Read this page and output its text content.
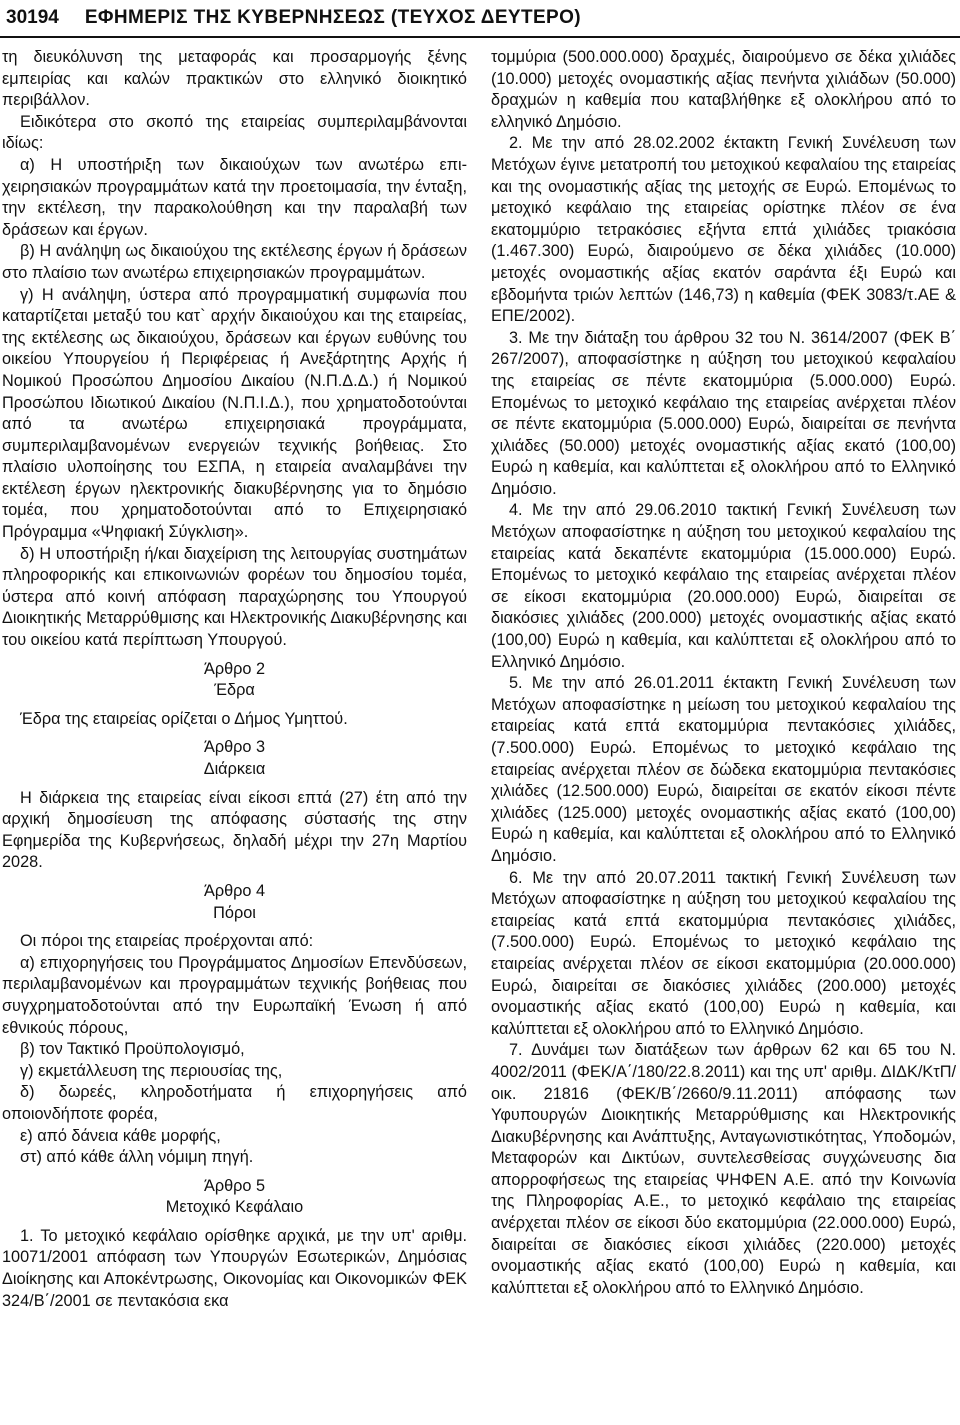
30194 ΕΦΗΜΕΡΙΣ ΤΗΣ ΚΥΒΕΡΝΗΣΕΩΣ (ΤΕΥΧΟΣ ΔΕΥΤΕΡΟ)

τη διευκόλυνση της μεταφοράς και προσαρμογής ξένης εμπειρίας και καλών πρακτικών στο ελληνικό διοικητικό περιβάλλον.

Ειδικότερα στο σκοπό της εταιρείας συμπεριλαμβάνονται ιδίως:

α) Η υποστήριξη των δικαιούχων των ανωτέρω επιχειρησιακών προγραμμάτων κατά την προετοιμασία, την ένταξη, την εκτέλεση, την παρακολούθηση και την παραλαβή των δράσεων και έργων.

β) Η ανάληψη ως δικαιούχου της εκτέλεσης έργων ή δράσεων στο πλαίσιο των ανωτέρω επιχειρησιακών προγραμμάτων.

γ) Η ανάληψη, ύστερα από προγραμματική συμφωνία που καταρτίζεται μεταξύ του κατ` αρχήν δικαιούχου και της εταιρείας, της εκτέλεσης ως δικαιούχου, δράσεων και έργων ευθύνης του οικείου Υπουργείου ή Περιφέρειας ή Ανεξάρτητης Αρχής ή Νομικού Προσώπου Δημοσίου Δικαίου (Ν.Π.Δ.Δ.) ή Νομικού Προσώπου Ιδιωτικού Δικαίου (Ν.Π.Ι.Δ.), που χρηματοδοτούνται από τα ανωτέρω επιχειρησιακά προγράμματα, συμπεριλαμβανομένων ενεργειών τεχνικής βοήθειας. Στο πλαίσιο υλοποίησης του ΕΣΠΑ, η εταιρεία αναλαμβάνει την εκτέλεση έργων ηλεκτρονικής διακυβέρνησης για το δημόσιο τομέα, που χρηματοδοτούνται από το Επιχειρησιακό Πρόγραμμα «Ψηφιακή Σύγκλιση».

δ) Η υποστήριξη ή/και διαχείριση της λειτουργίας συστημάτων πληροφορικής και επικοινωνιών φορέων του δημοσίου τομέα, ύστερα από κοινή απόφαση παραχώρησης του Υπουργού Διοικητικής Μεταρρύθμισης και Ηλεκτρονικής Διακυβέρνησης και του οικείου κατά περίπτωση Υπουργού.

Άρθρο 2

Έδρα

Έδρα της εταιρείας ορίζεται ο Δήμος Υμηττού.

Άρθρο 3

Διάρκεια

Η διάρκεια της εταιρείας είναι είκοσι επτά (27) έτη από την αρχική δημοσίευση της απόφασης σύστασής της στην Εφημερίδα της Κυβερνήσεως, δηλαδή μέχρι την 27η Μαρτίου 2028.

Άρθρο 4

Πόροι

Οι πόροι της εταιρείας προέρχονται από:

α) επιχορηγήσεις του Προγράμματος Δημοσίων Επενδύσεων, περιλαμβανομένων και προγραμμάτων τεχνικής βοήθειας που συγχρηματοδοτούνται από την Ευρωπαϊκή Ένωση ή από εθνικούς πόρους,

β) τον Τακτικό Προϋπολογισμό,

γ) εκμετάλλευση της περιουσίας της,

δ) δωρεές, κληροδοτήματα ή επιχορηγήσεις από οποιονδήποτε φορέα,

ε) από δάνεια κάθε μορφής,

στ) από κάθε άλλη νόμιμη πηγή.

Άρθρο 5

Μετοχικό Κεφάλαιο

1. Το μετοχικό κεφάλαιο ορίσθηκε αρχικά, με την υπ' αριθμ. 10071/2001 απόφαση των Υπουργών Εσωτερικών, Δημόσιας Διοίκησης και Αποκέντρωσης, Οικονομίας και Οικονομικών ΦΕΚ 324/Β΄/2001 σε πεντακόσια εκα

τομμύρια (500.000.000) δραχμές, διαιρούμενο σε δέκα χιλιάδες (10.000) μετοχές ονομαστικής αξίας πενήντα χιλιάδων (50.000) δραχμών η καθεμία που καταβλήθηκε εξ ολοκλήρου από το ελληνικό Δημόσιο.

2. Με την από 28.02.2002 έκτακτη Γενική Συνέλευση των Μετόχων έγινε μετατροπή του μετοχικού κεφαλαίου της εταιρείας και της ονομαστικής αξίας της μετοχής σε Ευρώ. Επομένως το μετοχικό κεφάλαιο της εταιρείας ορίστηκε πλέον σε ένα εκατομμύριο τετρακόσιες εξήντα επτά χιλιάδες τριακόσια (1.467.300) Ευρώ, διαιρούμενο σε δέκα χιλιάδες (10.000) μετοχές ονομαστικής αξίας εκατόν σαράντα έξι Ευρώ και εβδομήντα τριών λεπτών (146,73) η καθεμία (ΦΕΚ 3083/τ.ΑΕ & ΕΠΕ/2002).

3. Με την διάταξη του άρθρου 32 του Ν. 3614/2007 (ΦΕΚ Β΄ 267/2007), αποφασίστηκε η αύξηση του μετοχικού κεφαλαίου της εταιρείας σε πέντε εκατομμύρια (5.000.000) Ευρώ. Επομένως το μετοχικό κεφάλαιο της εταιρείας ανέρχεται πλέον σε πέντε εκατομμύρια (5.000.000) Ευρώ, διαιρείται σε πενήντα χιλιάδες (50.000) μετοχές ονομαστικής αξίας εκατό (100,00) Ευρώ η καθεμία, και καλύπτεται εξ ολοκλήρου από το Ελληνικό Δημόσιο.

4. Με την από 29.06.2010 τακτική Γενική Συνέλευση των Μετόχων αποφασίστηκε η αύξηση του μετοχικού κεφαλαίου της εταιρείας κατά δεκαπέντε εκατομμύρια (15.000.000) Ευρώ. Επομένως το μετοχικό κεφάλαιο της εταιρείας ανέρχεται πλέον σε είκοσι εκατομμύρια (20.000.000) Ευρώ, διαιρείται σε διακόσιες χιλιάδες (200.000) μετοχές ονομαστικής αξίας εκατό (100,00) Ευρώ η καθεμία, και καλύπτεται εξ ολοκλήρου από το Ελληνικό Δημόσιο.

5. Με την από 26.01.2011 έκτακτη Γενική Συνέλευση των Μετόχων αποφασίστηκε η μείωση του μετοχικού κεφαλαίου της εταιρείας κατά επτά εκατομμύρια πεντακόσιες χιλιάδες,(7.500.000) Ευρώ. Επομένως το μετοχικό κεφάλαιο της εταιρείας ανέρχεται πλέον σε δώδεκα εκατομμύρια πεντακόσιες χιλιάδες (12.500.000) Ευρώ, διαιρείται σε εκατόν είκοσι πέντε χιλιάδες (125.000) μετοχές ονομαστικής αξίας εκατό (100,00) Ευρώ η καθεμία, και καλύπτεται εξ ολοκλήρου από το Ελληνικό Δημόσιο.

6. Με την από 20.07.2011 τακτική Γενική Συνέλευση των Μετόχων αποφασίστηκε η αύξηση του μετοχικού κεφαλαίου της εταιρείας κατά επτά εκατομμύρια πεντακόσιες χιλιάδες,(7.500.000) Ευρώ. Επομένως το μετοχικό κεφάλαιο της εταιρείας ανέρχεται πλέον σε είκοσι εκατομμύρια (20.000.000) Ευρώ, διαιρείται σε διακόσιες χιλιάδες (200.000) μετοχές ονομαστικής αξίας εκατό (100,00) Ευρώ η καθεμία, και καλύπτεται εξ ολοκλήρου από το Ελληνικό Δημόσιο.

7. Δυνάμει των διατάξεων των άρθρων 62 και 65 του Ν. 4002/2011 (ΦΕΚ/Α΄/180/22.8.2011) και της υπ' αριθμ. ΔΙΔΚ/ΚτΠ/οικ. 21816 (ΦΕΚ/Β΄/2660/9.11.2011) απόφασης των Υφυπουργών Διοικητικής Μεταρρύθμισης και Ηλεκτρονικής Διακυβέρνησης και Ανάπτυξης, Ανταγωνιστικότητας, Υποδομών, Μεταφορών και Δικτύων, συντελεσθείσας συγχώνευσης δια απορροφήσεως της εταιρείας ΨΗΦΕΝ Α.Ε. από την Κοινωνία της Πληροφορίας Α.Ε., το μετοχικό κεφάλαιο της εταιρείας ανέρχεται πλέον σε είκοσι δύο εκατομμύρια (22.000.000) Ευρώ, διαιρείται σε διακόσιες είκοσι χιλιάδες (220.000) μετοχές ονομαστικής αξίας εκατό (100,00) Ευρώ η καθεμία, και καλύπτεται εξ ολοκλήρου από το Ελληνικό Δημόσιο.
